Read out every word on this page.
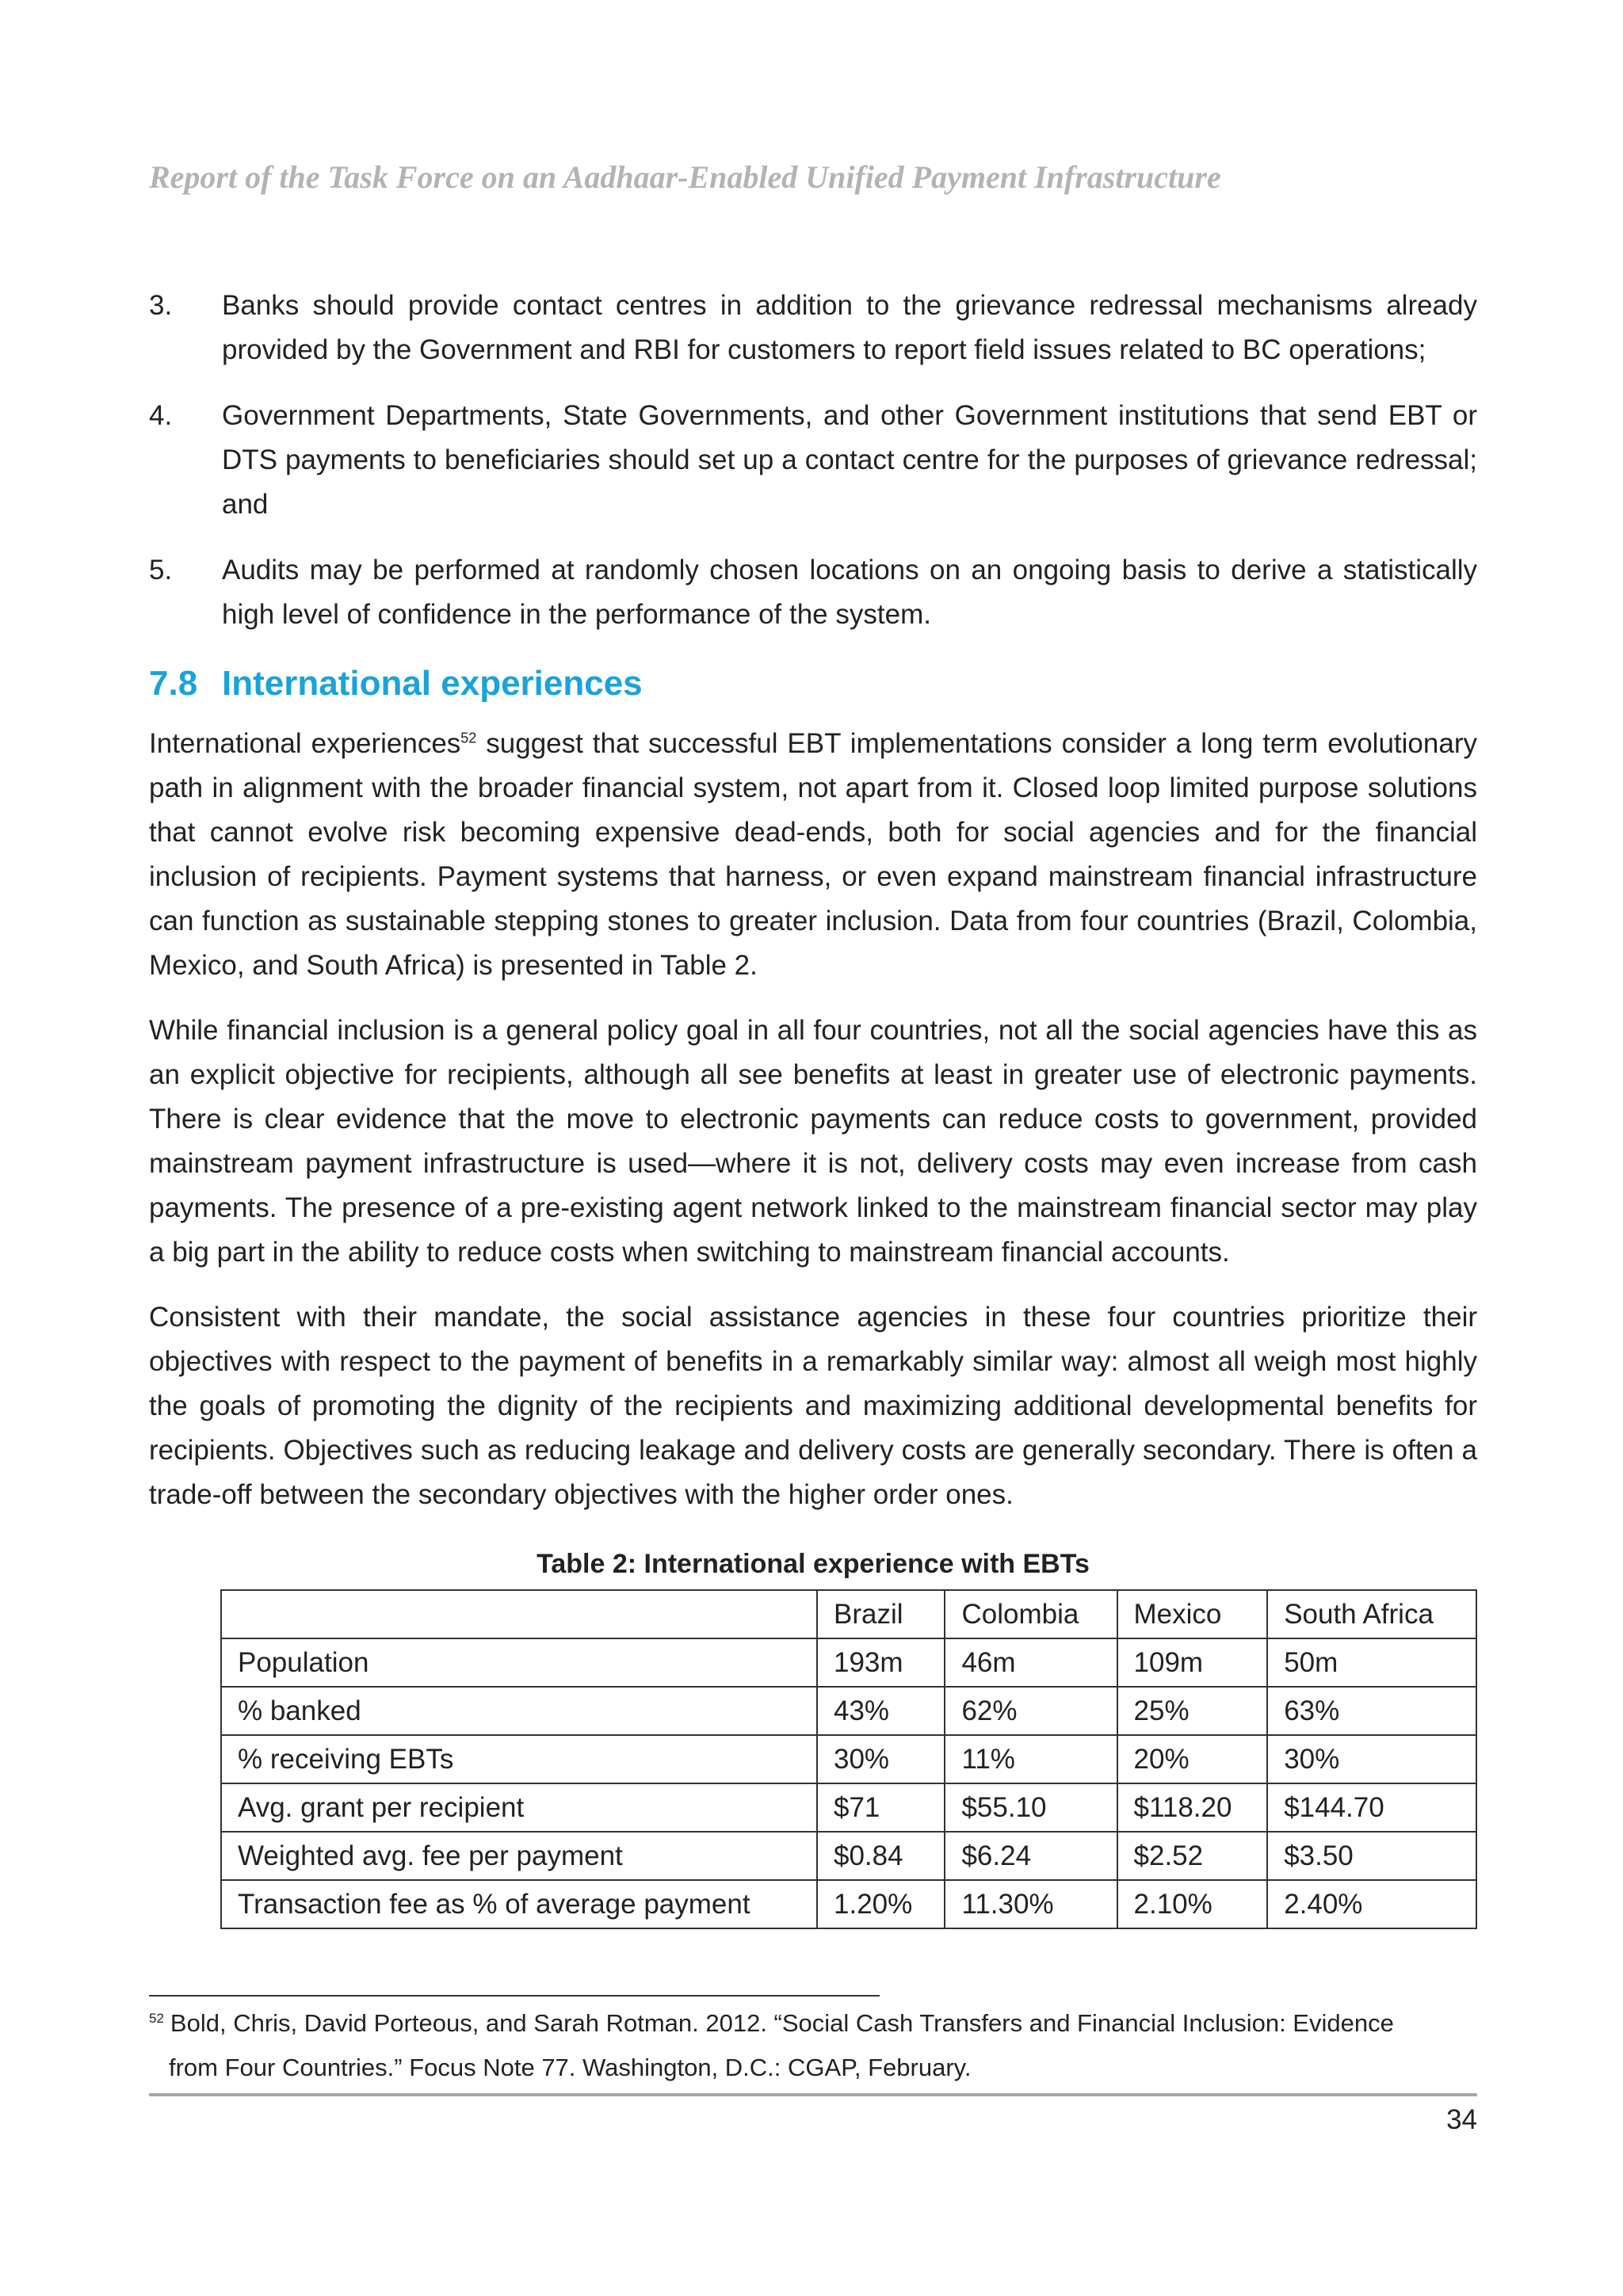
Report of the Task Force on an Aadhaar-Enabled Unified Payment Infrastructure
3.	Banks should provide contact centres in addition to the grievance redressal mechanisms already provided by the Government and RBI for customers to report field issues related to BC operations;
4.	Government Departments, State Governments, and other Government institutions that send EBT or DTS payments to beneficiaries should set up a contact centre for the purposes of grievance redressal; and
5.	Audits may be performed at randomly chosen locations on an ongoing basis to derive a statistically high level of confidence in the performance of the system.
7.8 International experiences

International experiences$^{52}$ suggest that successful EBT implementations consider a long term evolutionary path in alignment with the broader financial system, not apart from it. Closed loop limited purpose solutions that cannot evolve risk becoming expensive dead-ends, both for social agencies and for the financial inclusion of recipients. Payment systems that harness, or even expand mainstream financial infrastructure can function as sustainable stepping stones to greater inclusion. Data from four countries (Brazil, Colombia, Mexico, and South Africa) is presented in Table 2.

While financial inclusion is a general policy goal in all four countries, not all the social agencies have this as an explicit objective for recipients, although all see benefits at least in greater use of electronic payments. There is clear evidence that the move to electronic payments can reduce costs to government, provided mainstream payment infrastructure is used—where it is not, delivery costs may even increase from cash payments. The presence of a pre-existing agent network linked to the mainstream financial sector may play a big part in the ability to reduce costs when switching to mainstream financial accounts.

Consistent with their mandate, the social assistance agencies in these four countries prioritize their objectives with respect to the payment of benefits in a remarkably similar way: almost all weigh most highly the goals of promoting the dignity of the recipients and maximizing additional developmental benefits for recipients. Objectives such as reducing leakage and delivery costs are generally secondary. There is often a trade-off between the secondary objectives with the higher order ones.

Table 2: International experience with EBTs
	Brazil	Colombia	Mexico	South Africa
Population	193m	46m	109m	50m
% banked	43%	62%	25%	63%
% receiving EBTs	30%	11%	20%	30%
Avg. grant per recipient	$71	$55.10	$118.20	$144.70
Weighted avg. fee per payment	$0.84	$6.24	$2.52	$3.50
Transaction fee as % of average payment	1.20%	11.30%	2.10%	2.40%
$^{52}$ Bold, Chris, David Porteous, and Sarah Rotman. 2012. “Social Cash Transfers and Financial Inclusion: Evidence
from Four Countries.” Focus Note 77. Washington, D.C.: CGAP, February.
34
